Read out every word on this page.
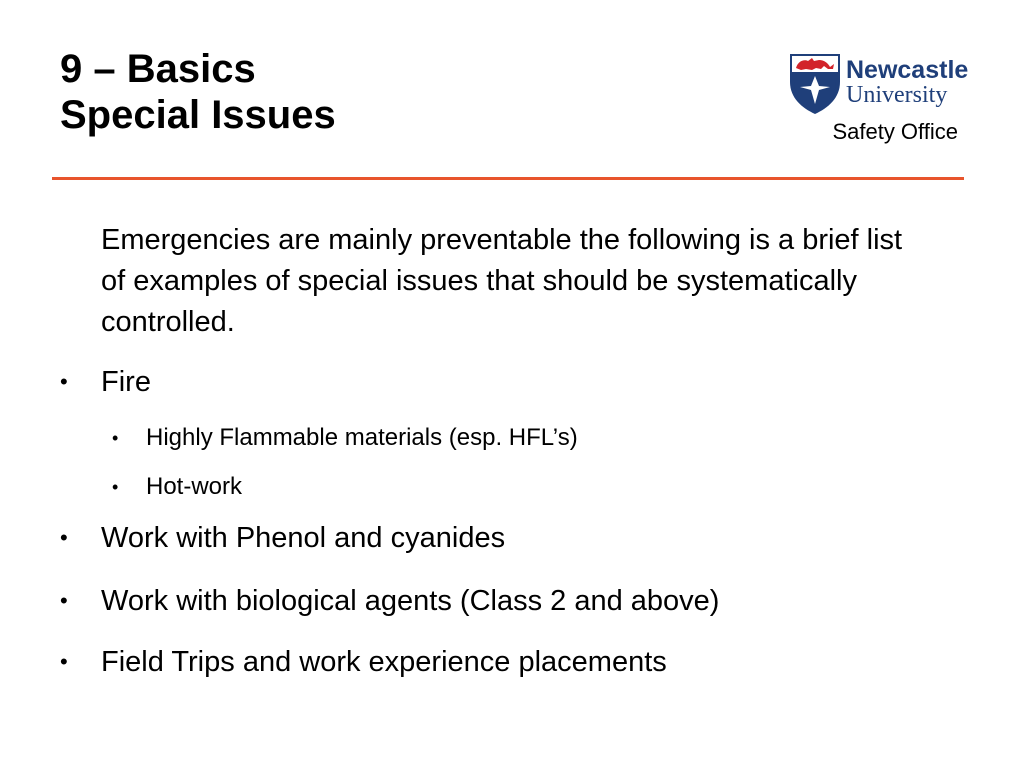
9 – Basics
Special Issues
Newcastle
University
Safety Office

Emergencies are mainly preventable the following is a brief list of examples of special issues that should be systematically controlled.

•	Fire
• Highly Flammable materials (esp. HFL’s)
• Hot-work
•	Work with Phenol and cyanides
•	Work with biological agents (Class 2 and above)
•	Field Trips and work experience placements
